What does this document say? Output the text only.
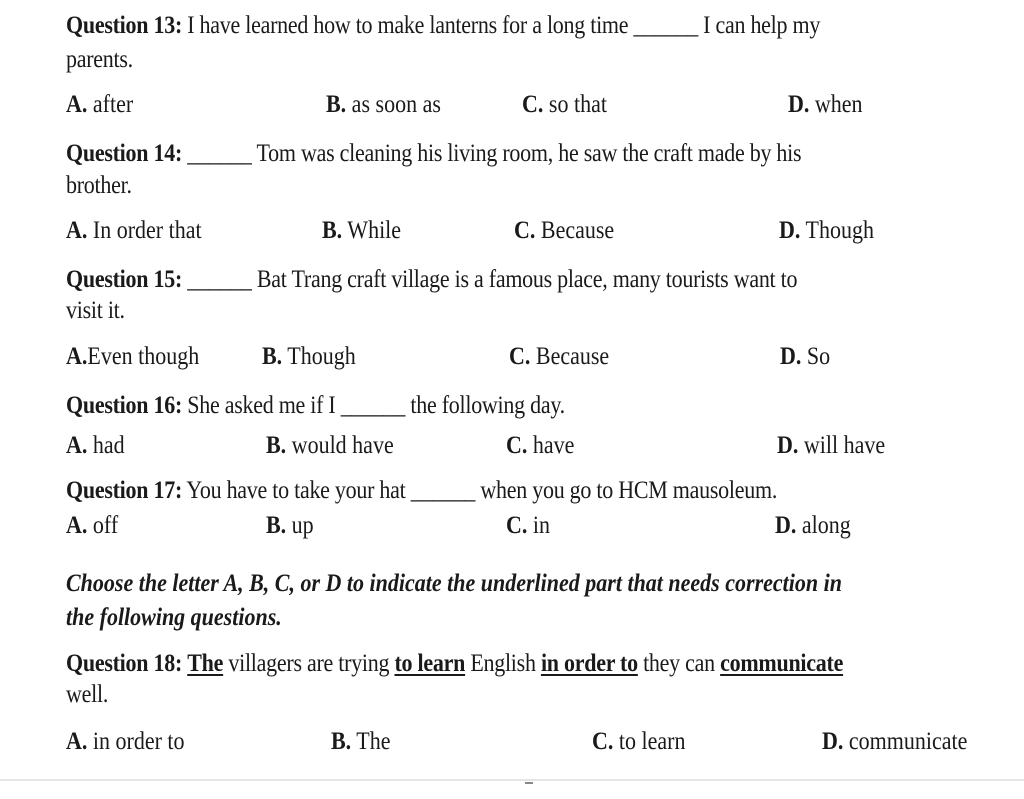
Question 13: I have learned how to make lanterns for a long time ______ I can help my
parents.
A. after	B. as soon as	C. so that	D. when
Question 14: ______ Tom was cleaning his living room, he saw the craft made by his
brother.
A. In order that	B. While	C. Because	D. Though
Question 15: ______ Bat Trang craft village is a famous place, many tourists want to
visit it.
A.Even though	B. Though	C. Because	D. So
Question 16: She asked me if I ______ the following day.
A. had	B. would have	C. have	D. will have
Question 17: You have to take your hat ______ when you go to HCM mausoleum.
A. off	B. up	C. in	D. along
Choose the letter A, B, C, or D to indicate the underlined part that needs correction in
the following questions.
Question 18: The villagers are trying to learn English in order to they can communicate
well.
A. in order to	B. The	C. to learn	D. communicate
